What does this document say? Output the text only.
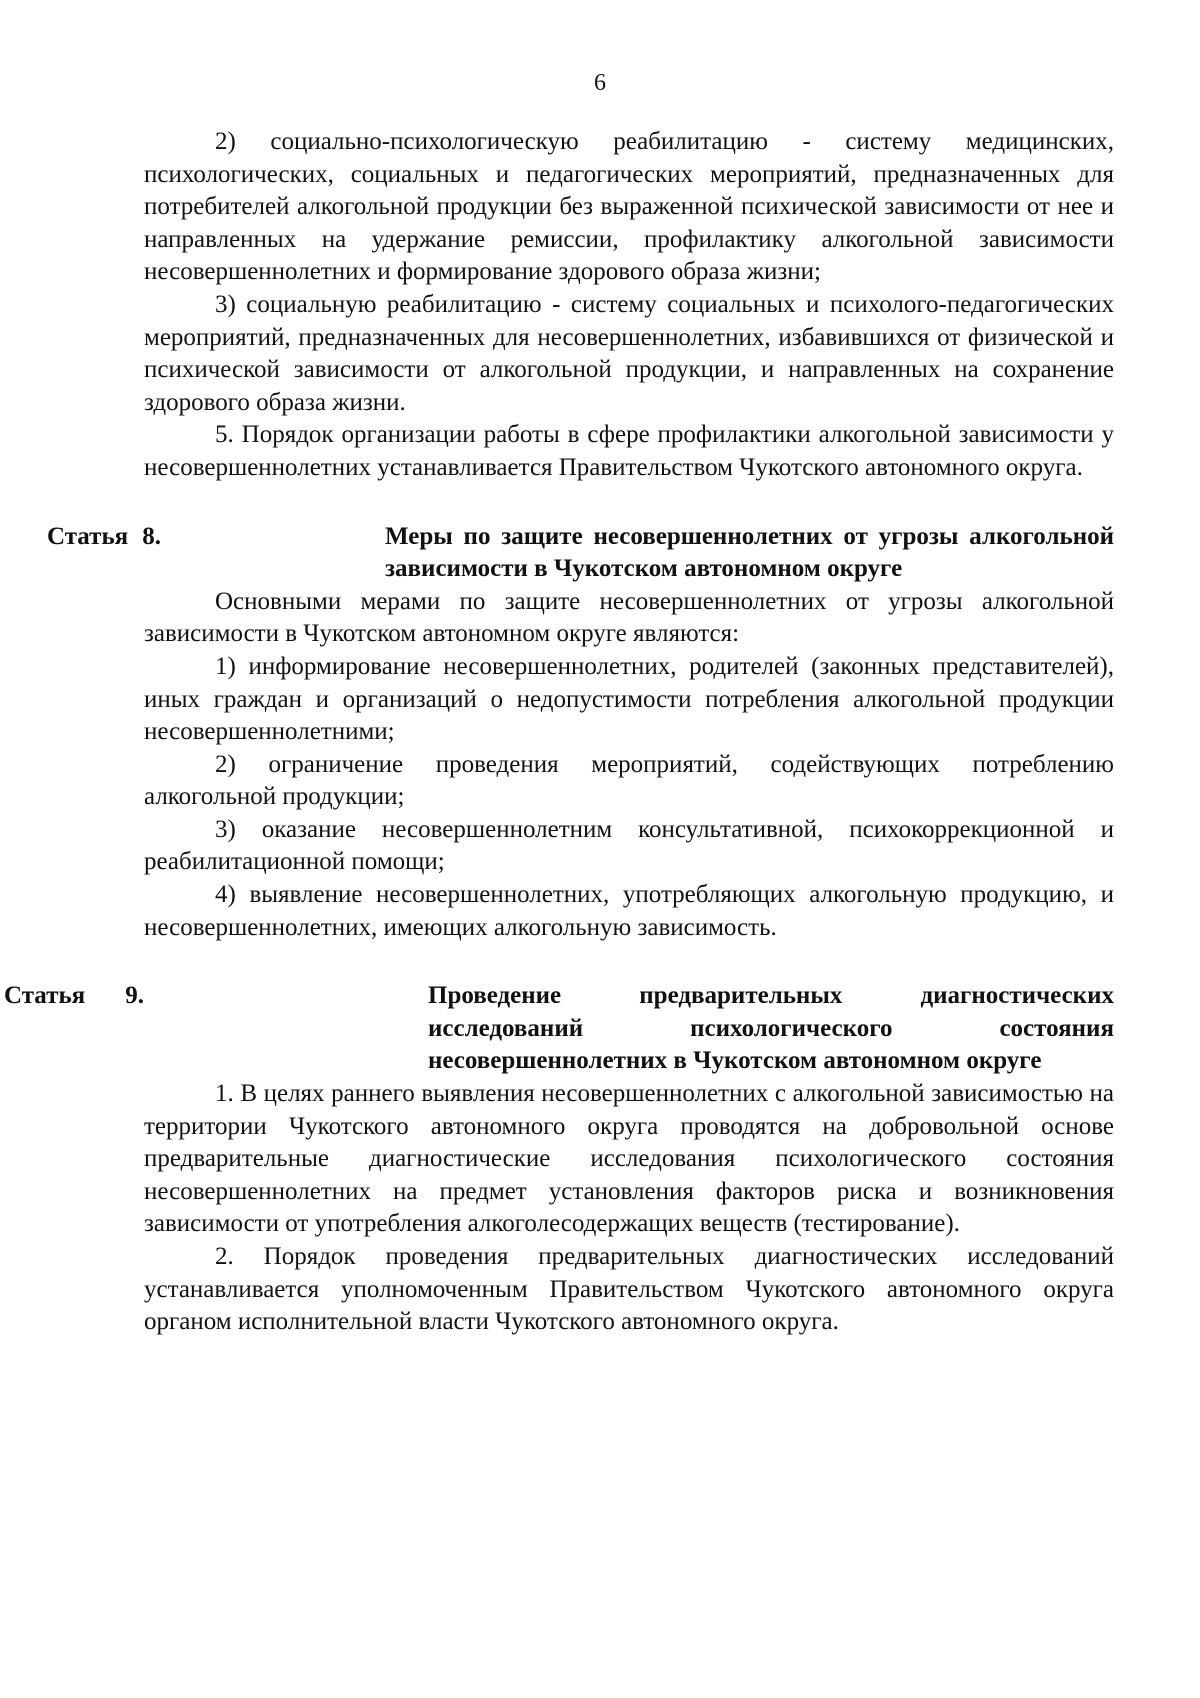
6

2) социально-психологическую реабилитацию - систему медицинских, психологических, социальных и педагогических мероприятий, предназначенных для потребителей алкогольной продукции без выраженной психической зависимости от нее и направленных на удержание ремиссии, профилактику алкогольной зависимости несовершеннолетних и формирование здорового образа жизни;

3) социальную реабилитацию - систему социальных и психолого-педагогических мероприятий, предназначенных для несовершеннолетних, избавившихся от физической и психической зависимости от алкогольной продукции, и направленных на сохранение здорового образа жизни.

5. Порядок организации работы в сфере профилактики алкогольной зависимости у несовершеннолетних устанавливается Правительством Чукотского автономного округа.

Статья 8.	Меры по защите несовершеннолетних от угрозы алкогольной зависимости в Чукотском автономном округе

Основными мерами по защите несовершеннолетних от угрозы алкогольной зависимости в Чукотском автономном округе являются:

1) информирование несовершеннолетних, родителей (законных представителей), иных граждан и организаций о недопустимости потребления алкогольной продукции несовершеннолетними;

2) ограничение проведения мероприятий, содействующих потреблению алкогольной продукции;

3) оказание несовершеннолетним консультативной, психокоррекционной и реабилитационной помощи;

4) выявление несовершеннолетних, употребляющих алкогольную продукцию, и несовершеннолетних, имеющих алкогольную зависимость.

Статья 9.	Проведение предварительных диагностических исследований психологического состояния несовершеннолетних в Чукотском автономном округе

1. В целях раннего выявления несовершеннолетних с алкогольной зависимостью на территории Чукотского автономного округа проводятся на добровольной основе предварительные диагностические исследования психологического состояния несовершеннолетних на предмет установления факторов риска и возникновения зависимости от употребления алкоголесодержащих веществ (тестирование).

2. Порядок проведения предварительных диагностических исследований устанавливается уполномоченным Правительством Чукотского автономного округа органом исполнительной власти Чукотского автономного округа.
